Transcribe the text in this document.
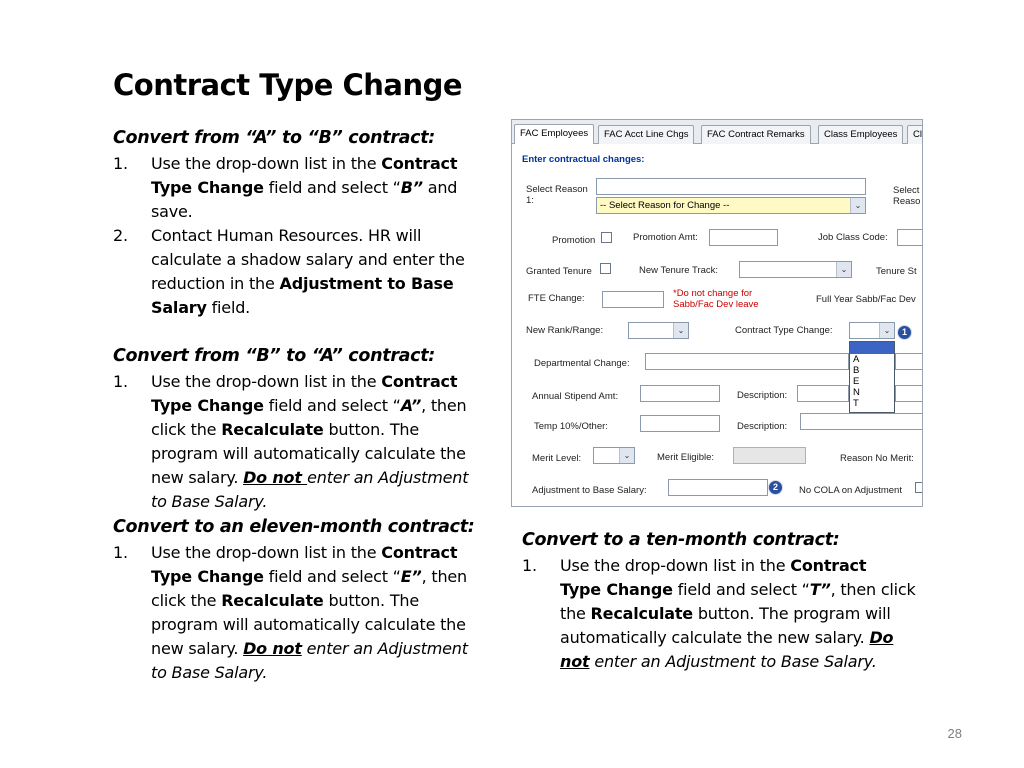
Contract Type Change
Convert from “A” to “B” contract:
1. Use the drop-down list in the Contract
Type Change field and select “B” and
save.
2. Contact Human Resources. HR will
calculate a shadow salary and enter the
reduction in the Adjustment to Base
Salary field.
Convert from “B” to “A” contract:
1. Use the drop-down list in the Contract
Type Change field and select “A”, then
click the Recalculate button. The
program will automatically calculate the
new salary. Do not enter an Adjustment
to Base Salary.
Convert to an eleven-month contract:
1. Use the drop-down list in the Contract
Type Change field and select “E”, then
click the Recalculate button. The
program will automatically calculate the
new salary. Do not enter an Adjustment
to Base Salary.
Convert to a ten-month contract:
1. Use the drop-down list in the Contract
Type Change field and select “T”, then click
the Recalculate button. The program will
automatically calculate the new salary. Do
not enter an Adjustment to Base Salary.
FAC Employees	FAC Acct Line Chgs	FAC Contract Remarks	Class Employees	Cl
Enter contractual changes:
Select Reason
1:	-- Select Reason for Change --	⌄
Select
Reaso
Promotion	Promotion Amt:	Job Class Code:
Granted Tenure	New Tenure Track:	⌄	Tenure St
FTE Change:	*Do not change for
Sabb/Fac Dev leave	Full Year Sabb/Fac Dev
New Rank/Range:	⌄	Contract Type Change:	⌄	1
Departmental Change:
Annual Stipend Amt:	Description:
Temp 10%/Other:	Description:
Merit Level:	⌄	Merit Eligible:	Reason No Merit:
Adjustment to Base Salary:	2	No COLA on Adjustment
A
B
E
N
T
28
